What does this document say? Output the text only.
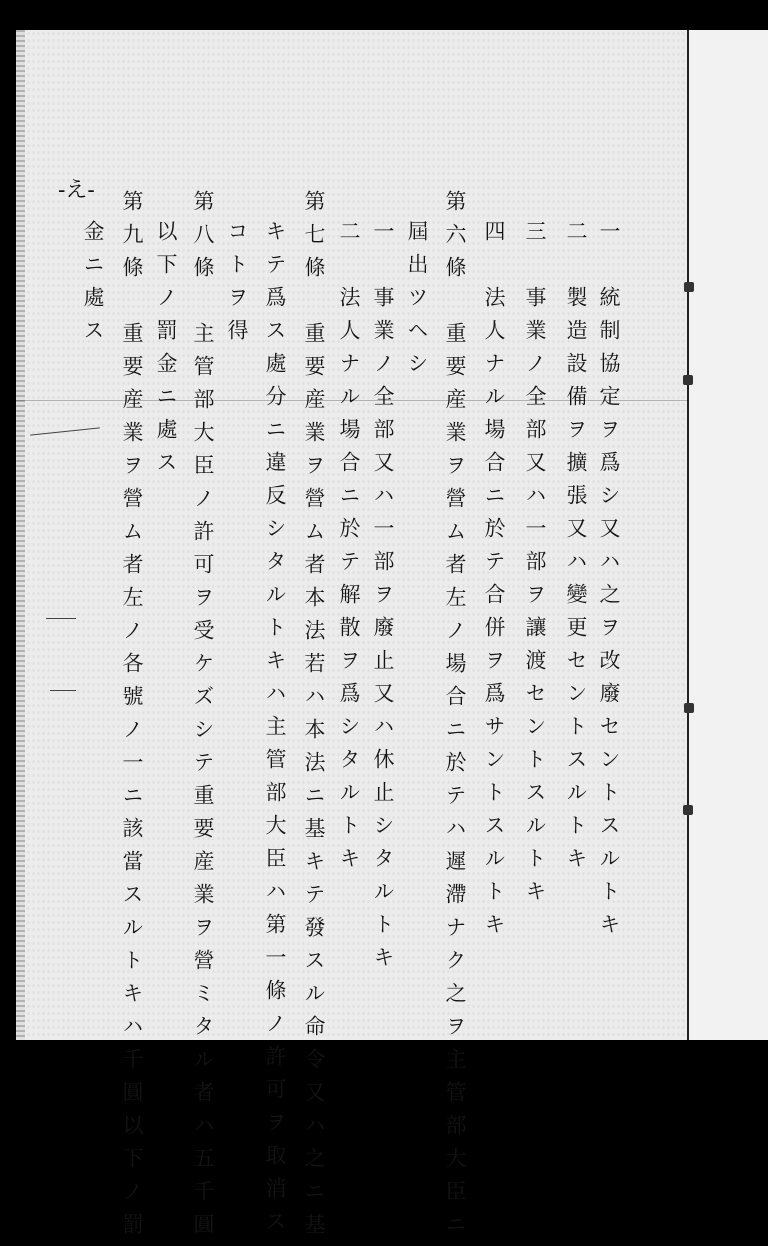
-え-

一　統制協定ヲ爲シ又ハ之ヲ改廢セントスルトキ

二　製造設備ヲ擴張又ハ變更セントスルトキ

三　事業ノ全部又ハ一部ヲ讓渡セントスルトキ

四　法人ナル場合ニ於テ合併ヲ爲サントスルトキ

第六條　重要産業ヲ營ム者左ノ場合ニ於テハ遲滯ナク之ヲ主管部大臣ニ

屆出ツヘシ

一　事業ノ全部又ハ一部ヲ廢止又ハ休止シタルトキ

二　法人ナル場合ニ於テ解散ヲ爲シタルトキ

第七條　重要産業ヲ營ム者本法若ハ本法ニ基キテ發スル命令又ハ之ニ基

キテ爲ス處分ニ違反シタルトキハ主管部大臣ハ第一條ノ許可ヲ取消ス

コトヲ得

第八條　主管部大臣ノ許可ヲ受ケズシテ重要産業ヲ營ミタル者ハ五千圓

以下ノ罰金ニ處ス

第九條　重要産業ヲ營ム者左ノ各號ノ一ニ該當スルトキハ千圓以下ノ罰

金ニ處ス
